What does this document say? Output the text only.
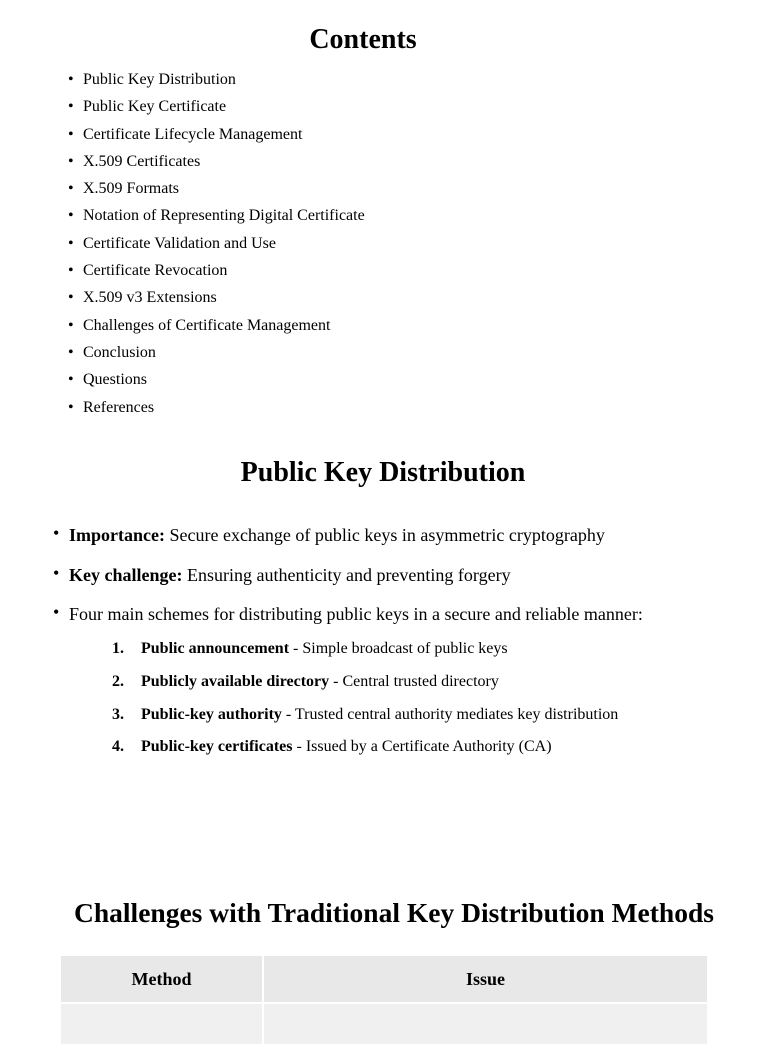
Contents
• Public Key Distribution
• Public Key Certificate
• Certificate Lifecycle Management
• X.509 Certificates
• X.509 Formats
• Notation of Representing Digital Certificate
• Certificate Validation and Use
• Certificate Revocation
• X.509 v3 Extensions
• Challenges of Certificate Management
• Conclusion
• Questions
• References
Public Key Distribution
• Importance: Secure exchange of public keys in asymmetric cryptography
• Key challenge: Ensuring authenticity and preventing forgery
• Four main schemes for distributing public keys in a secure and reliable manner:
1. Public announcement - Simple broadcast of public keys
2. Publicly available directory - Central trusted directory
3. Public-key authority - Trusted central authority mediates key distribution
4. Public-key certificates - Issued by a Certificate Authority (CA)
Challenges with Traditional Key Distribution Methods
Method	Issue
